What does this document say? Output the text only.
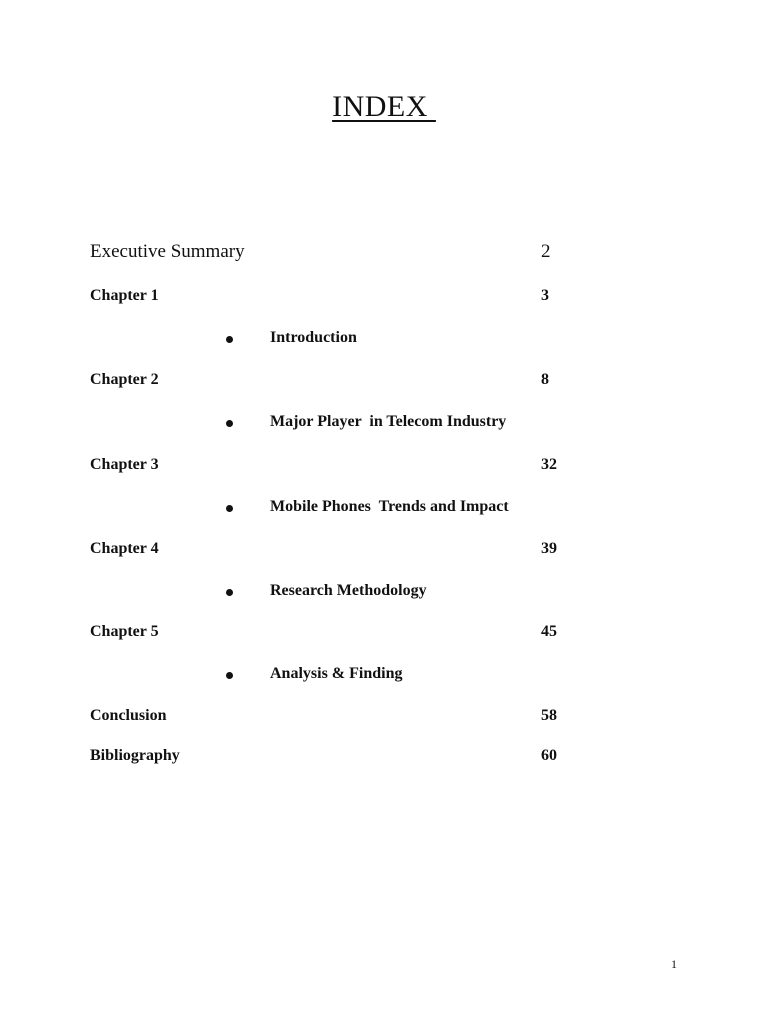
INDEX
Executive Summary	2
Chapter 1	3
Introduction
Chapter 2	8
Major Player  in Telecom Industry
Chapter 3	32
Mobile Phones  Trends and Impact
Chapter 4	39
Research Methodology
Chapter 5	45
Analysis & Finding
Conclusion	58
Bibliography	60
1
